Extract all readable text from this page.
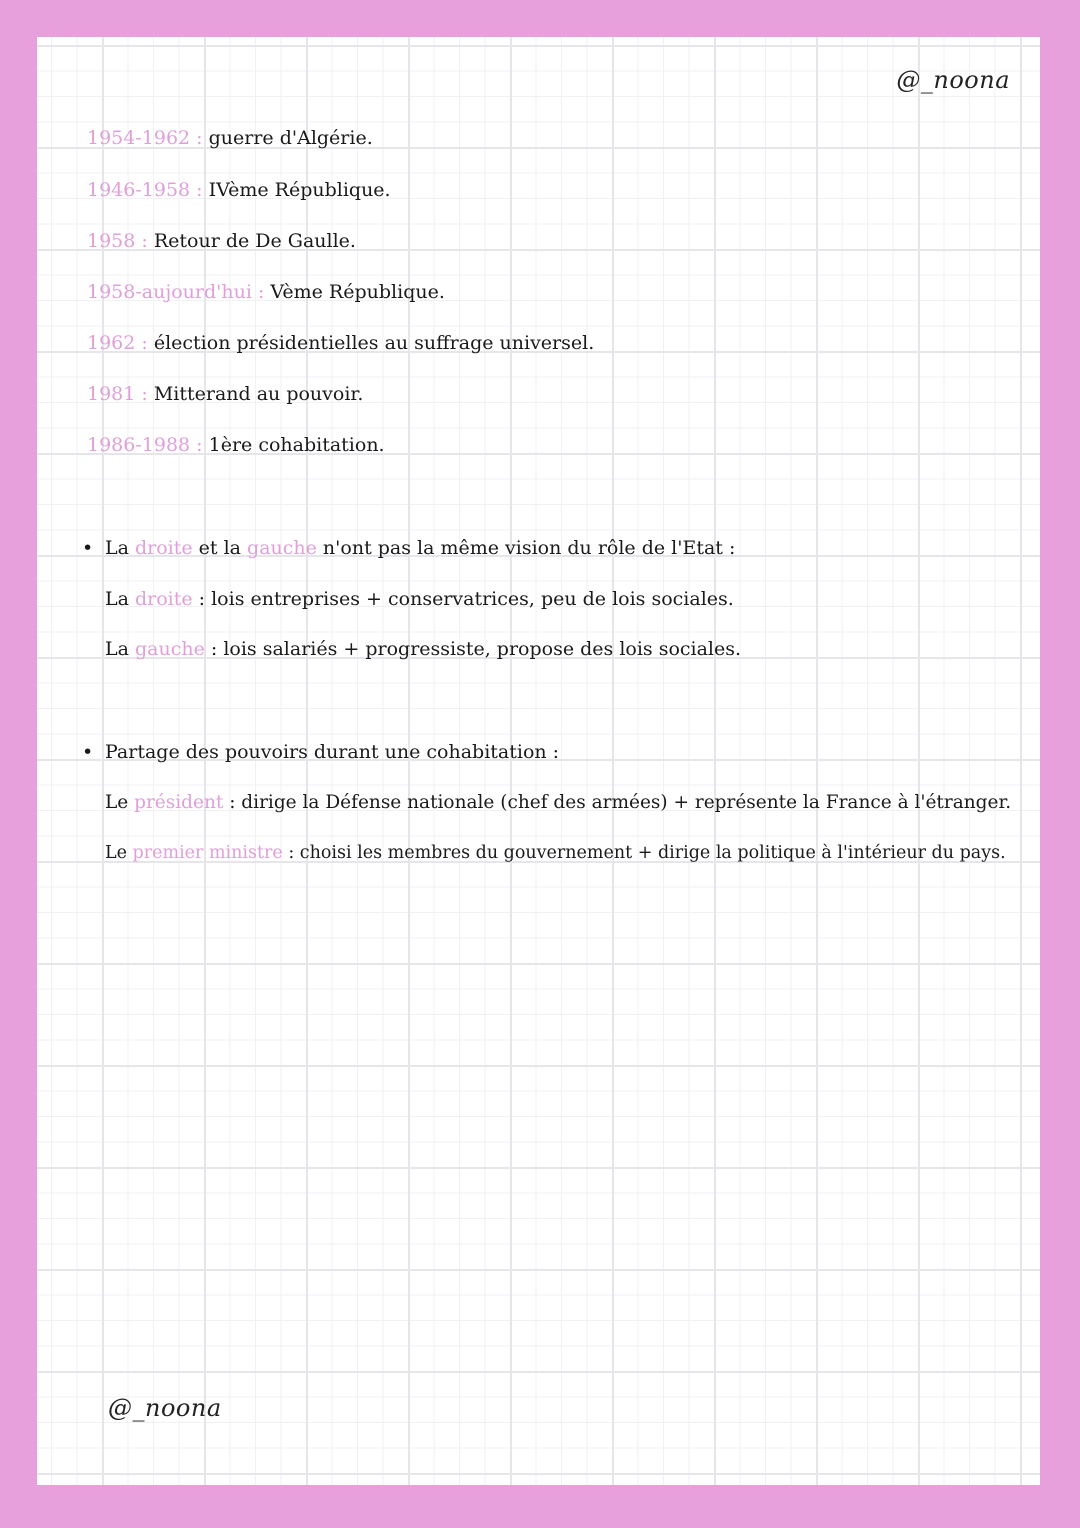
@_noona
1954-1962 : guerre d'Algérie.
1946-1958 : IVème République.
1958 : Retour de De Gaulle.
1958-aujourd'hui : Vème République.
1962 : élection présidentielles au suffrage universel.
1981 : Mitterand au pouvoir.
1986-1988 : 1ère cohabitation.
• La droite et la gauche n'ont pas la même vision du rôle de l'Etat :
La droite : lois entreprises + conservatrices, peu de lois sociales.
La gauche : lois salariés + progressiste, propose des lois sociales.
• Partage des pouvoirs durant une cohabitation :
Le président : dirige la Défense nationale (chef des armées) + représente la France à l'étranger.
Le premier ministre : choisi les membres du gouvernement + dirige la politique à l'intérieur du pays.
@_noona
